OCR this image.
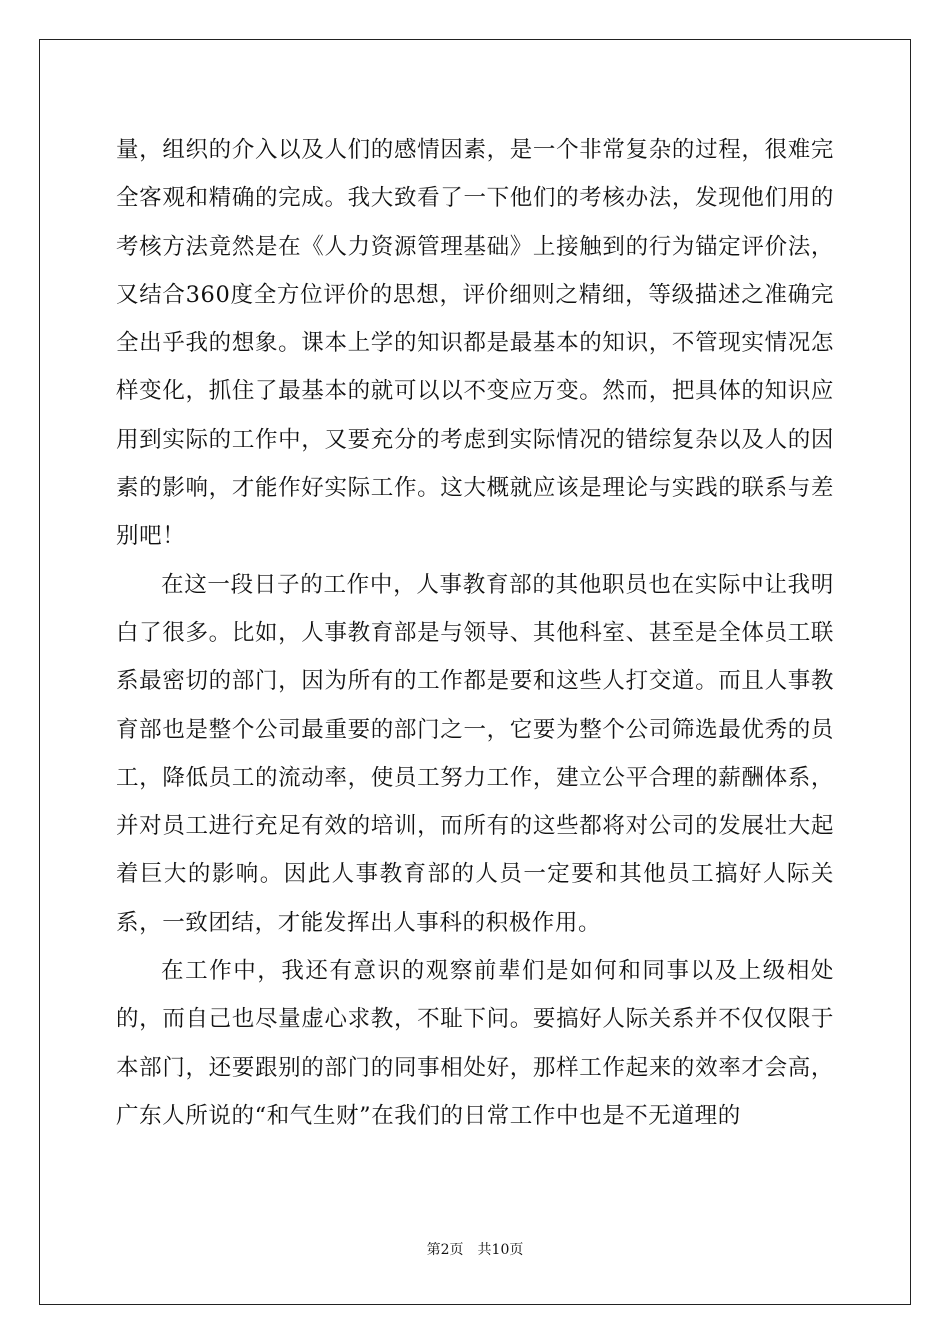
量，组织的介入以及人们的感情因素，是一个非常复杂的过程，很难完全客观和精确的完成。我大致看了一下他们的考核办法，发现他们用的考核方法竟然是在《人力资源管理基础》上接触到的行为锚定评价法，又结合360度全方位评价的思想，评价细则之精细，等级描述之准确完全出乎我的想象。课本上学的知识都是最基本的知识，不管现实情况怎样变化，抓住了最基本的就可以以不变应万变。然而，把具体的知识应用到实际的工作中，又要充分的考虑到实际情况的错综复杂以及人的因素的影响，才能作好实际工作。这大概就应该是理论与实践的联系与差别吧！

在这一段日子的工作中，人事教育部的其他职员也在实际中让我明白了很多。比如，人事教育部是与领导、其他科室、甚至是全体员工联系最密切的部门，因为所有的工作都是要和这些人打交道。而且人事教育部也是整个公司最重要的部门之一，它要为整个公司筛选最优秀的员工，降低员工的流动率，使员工努力工作，建立公平合理的薪酬体系，并对员工进行充足有效的培训，而所有的这些都将对公司的发展壮大起着巨大的影响。因此人事教育部的人员一定要和其他员工搞好人际关系，一致团结，才能发挥出人事科的积极作用。

在工作中，我还有意识的观察前辈们是如何和同事以及上级相处的，而自己也尽量虚心求教，不耻下问。要搞好人际关系并不仅仅限于本部门，还要跟别的部门的同事相处好，那样工作起来的效率才会高，广东人所说的“和气生财”在我们的日常工作中也是不无道理的

第2页 共10页
